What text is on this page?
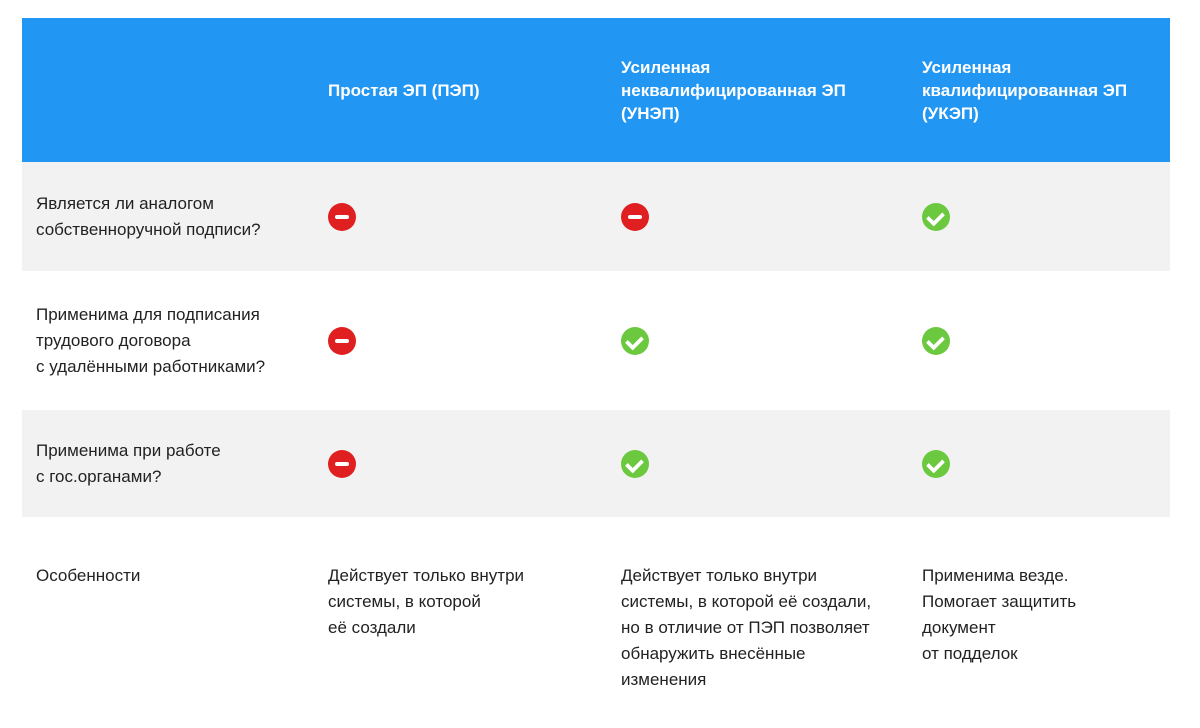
Простая ЭП (ПЭП)
Усиленная
неквалифицированная ЭП
(УНЭП)
Усиленная
квалифицированная ЭП
(УКЭП)
Является ли аналогом
собственноручной подписи?
Применима для подписания
трудового договора
с удалёнными работниками?
Применима при работе
с гос.органами?
Особенности	Действует только внутри
системы, в которой
её создали
Действует только внутри
системы, в которой её создали,
но в отличие от ПЭП позволяет
обнаружить внесённые
изменения
Применима везде.
Помогает защитить
документ
от подделок
